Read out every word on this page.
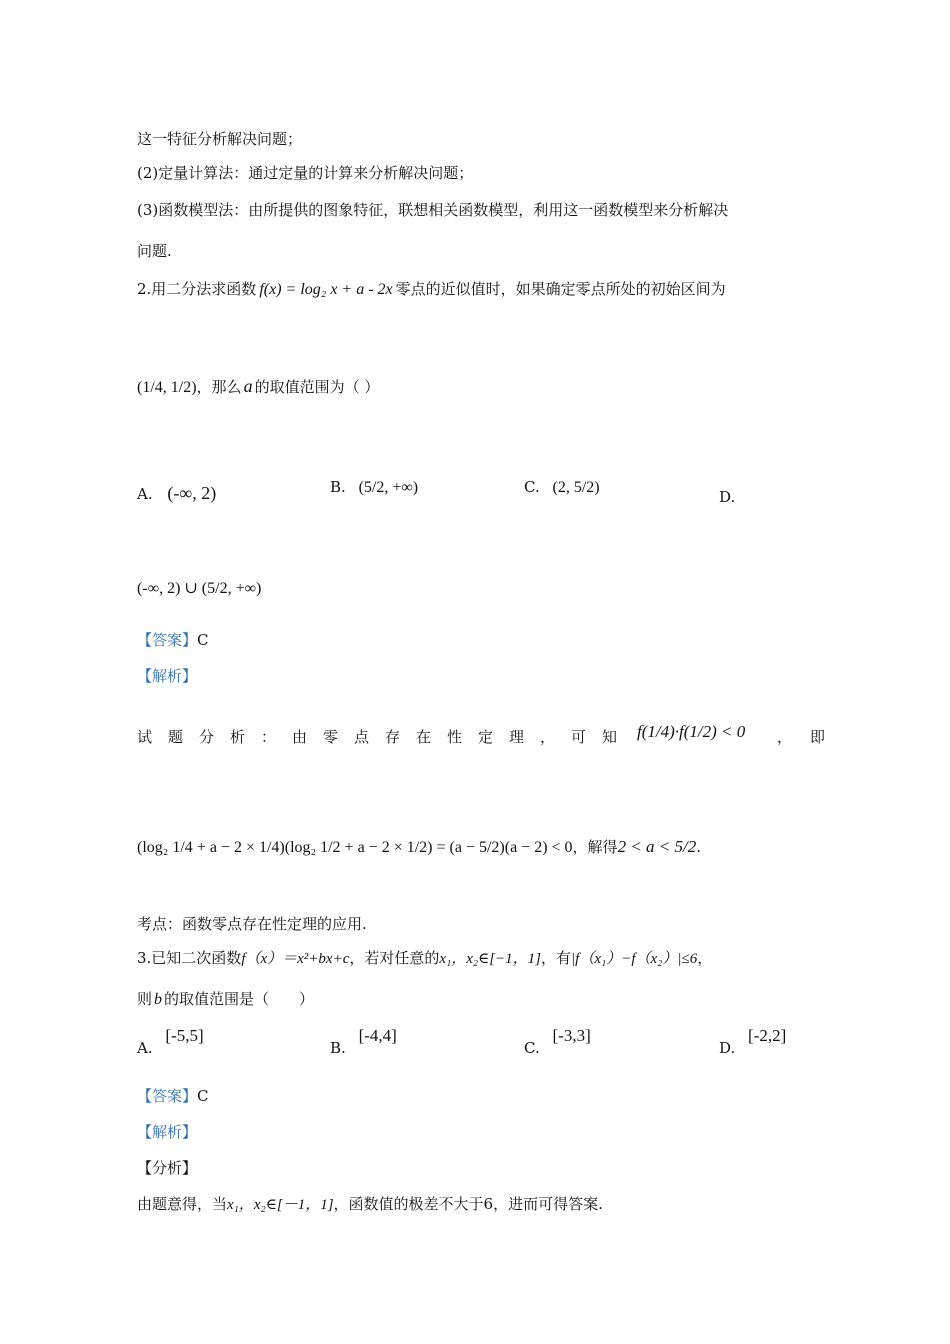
这一特征分析解决问题；
(2)定量计算法：通过定量的计算来分析解决问题；
(3)函数模型法：由所提供的图象特征，联想相关函数模型，利用这一函数模型来分析解决
问题.
2.用二分法求函数 f(x) = log₂ x + a - 2x 零点的近似值时，如果确定零点所处的初始区间为
(1/4, 1/2)，那么 a 的取值范围为（ ）
A. (-∞, 2)	B. (5/2, +∞)	C. (2, 5/2)
D.
(-∞, 2) ∪ (5/2, +∞)
【答案】C
【解析】
试题分析：由零点存在性定理，可知 f(1/4)·f(1/2) < 0 ，即
(log₂ 1/4 + a − 2 × 1/4)(log₂ 1/2 + a − 2 × 1/2) = (a − 5/2)(a − 2) < 0，解得2 < a < 5/2.
考点：函数零点存在性定理的应用.
3.已知二次函数f（x）＝x²+bx+c，若对任意的x₁，x₂∈[−1，1]，有|f（x₁）−f（x₂）|≤6，
则 b 的取值范围是（　　）
A. [-5,5]
B. [-4,4]
C. [-3,3]
D. [-2,2]
【答案】C
【解析】
【分析】
由题意得，当x₁，x₂∈[－1，1]，函数值的极差不大于6，进而可得答案.
